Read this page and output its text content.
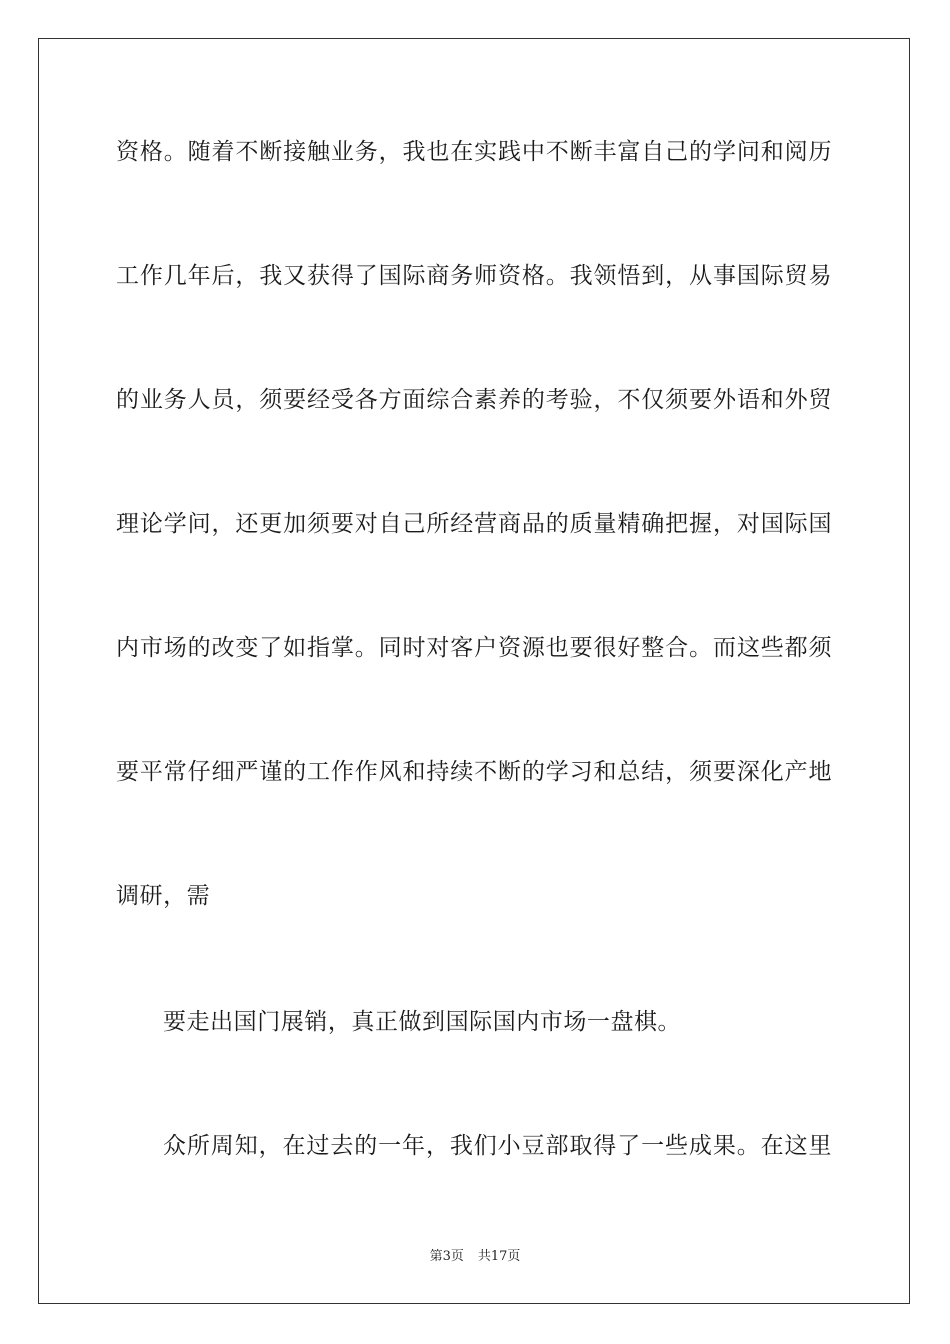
资格。随着不断接触业务，我也在实践中不断丰富自己的学问和阅历
工作几年后，我又获得了国际商务师资格。我领悟到，从事国际贸易
的业务人员，须要经受各方面综合素养的考验，不仅须要外语和外贸
理论学问，还更加须要对自己所经营商品的质量精确把握，对国际国
内市场的改变了如指掌。同时对客户资源也要很好整合。而这些都须
要平常仔细严谨的工作作风和持续不断的学习和总结，须要深化产地
调研，需
要走出国门展销，真正做到国际国内市场一盘棋。
众所周知，在过去的一年，我们小豆部取得了一些成果。在这里
第3页 共17页
